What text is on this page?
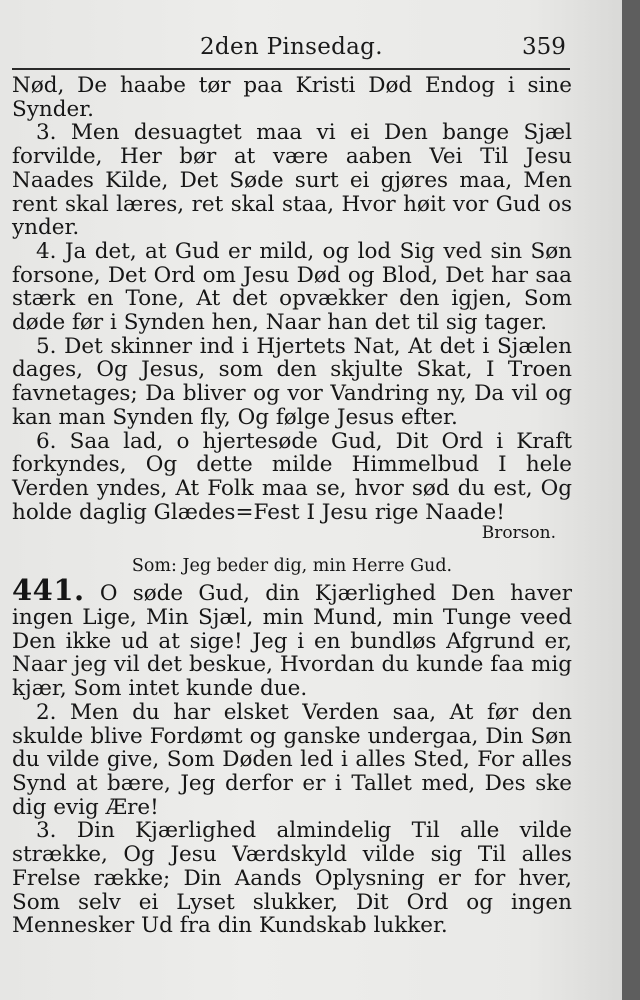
2den Pinsedag.	359

Nød, De haabe tør paa Kristi Død Endog i sine Synder.

3. Men desuagtet maa vi ei Den bange Sjæl forvilde, Her bør at være aaben Vei Til Jesu Naades Kilde, Det Søde surt ei gjøres maa, Men rent skal læres, ret skal staa, Hvor høit vor Gud os ynder.

4. Ja det, at Gud er mild, og lod Sig ved sin Søn forsone, Det Ord om Jesu Død og Blod, Det har saa stærk en Tone, At det opvækker den igjen, Som døde før i Synden hen, Naar han det til sig tager.

5. Det skinner ind i Hjertets Nat, At det i Sjælen dages, Og Jesus, som den skjulte Skat, I Troen favnetages; Da bliver og vor Vandring ny, Da vil og kan man Synden fly, Og følge Jesus efter.

6. Saa lad, o hjertesøde Gud, Dit Ord i Kraft forkyndes, Og dette milde Himmelbud I hele Verden yndes, At Folk maa se, hvor sød du est, Og holde daglig Glædes=Fest I Jesu rige Naade!

Brorson.
Som: Jeg beder dig, min Herre Gud.

441. O søde Gud, din Kjærlighed Den haver ingen Lige, Min Sjæl, min Mund, min Tunge veed Den ikke ud at sige! Jeg i en bundløs Afgrund er, Naar jeg vil det beskue, Hvordan du kunde faa mig kjær, Som intet kunde due.

2. Men du har elsket Verden saa, At før den skulde blive Fordømt og ganske undergaa, Din Søn du vilde give, Som Døden led i alles Sted, For alles Synd at bære, Jeg derfor er i Tallet med, Des ske dig evig Ære!

3. Din Kjærlighed almindelig Til alle vilde strække, Og Jesu Værdskyld vilde sig Til alles Frelse række; Din Aands Oplysning er for hver, Som selv ei Lyset slukker, Dit Ord og ingen Mennesker Ud fra din Kundskab lukker.
